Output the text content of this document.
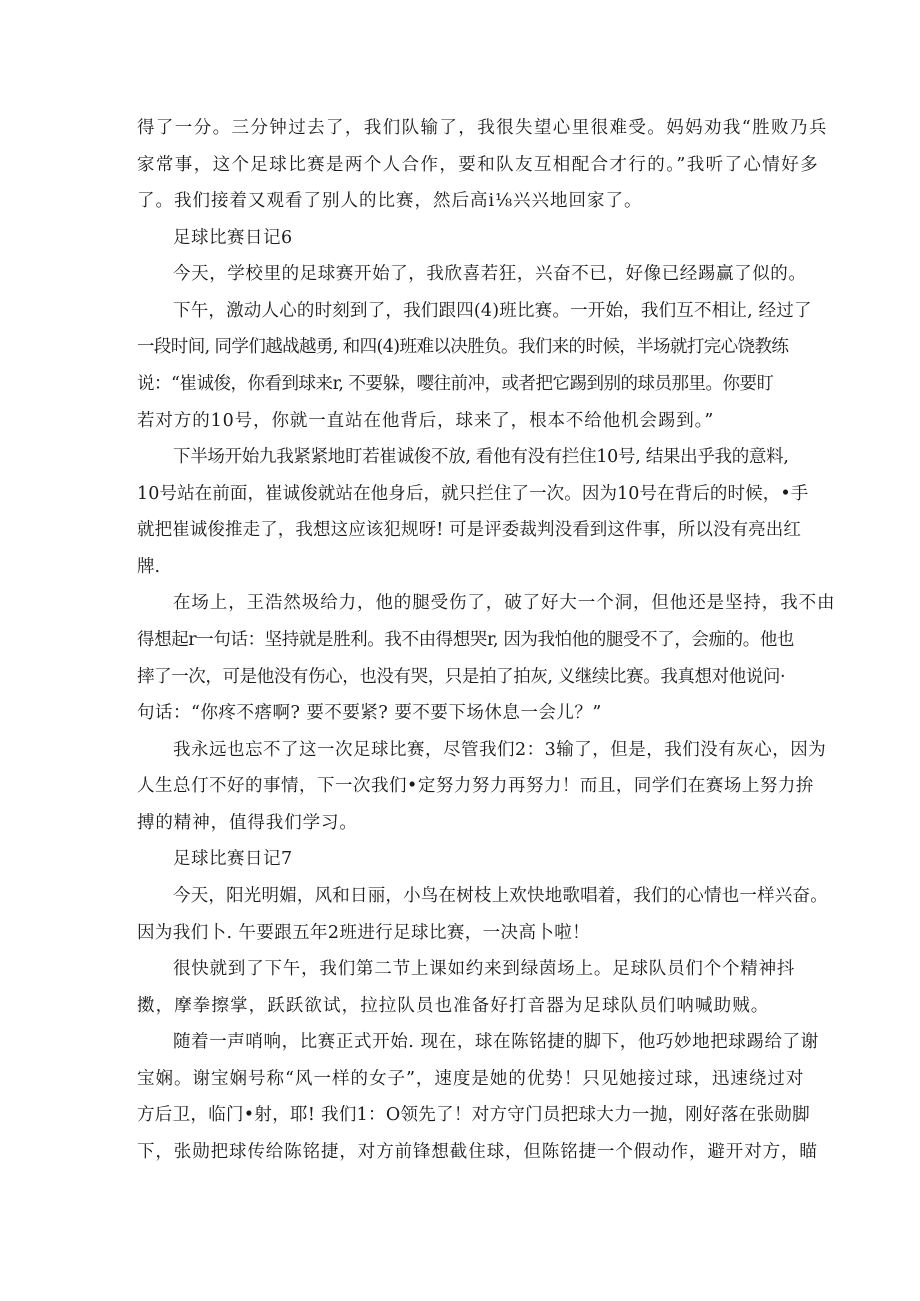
得了一分。三分钟过去了，我们队输了，我很失望心里很难受。妈妈劝我“胜败乃兵

家常事，这个足球比赛是两个人合作，要和队友互相配合才行的。”我听了心情好多

了。我们接着又观看了别人的比赛，然后高i⅛兴兴地回家了。

足球比赛日记6

今天，学校里的足球赛开始了，我欣喜若狂，兴奋不已，好像已经踢赢了似的。

下午，激动人心的时刻到了，我们跟四(4)班比赛。一开始，我们互不相让, 经过了

一段时间, 同学们越战越勇, 和四(4)班难以决胜负。我们来的时候，半场就打完心饶教练

说：“崔诚俊，你看到球来r, 不要躲，嘤往前冲，或者把它踢到别的球员那里。你要盯

若对方的10号，你就一直站在他背后，球来了，根本不给他机会踢到。”

下半场开始九我紧紧地盯若崔诚俊不放, 看他有没有拦住10号, 结果出乎我的意料,

10号站在前面，崔诚俊就站在他身后，就只拦住了一次。因为10号在背后的时候，•手

就把崔诚俊推走了，我想这应该犯规呀! 可是评委裁判没看到这件事，所以没有亮出红

牌.

在场上，王浩然圾给力，他的腿受伤了，破了好大一个洞，但他还是坚持，我不由

得想起r一句话：坚持就是胜利。我不由得想哭r, 因为我怕他的腿受不了，会痂的。他也

摔了一次，可是他没有伤心，也没有哭，只是拍了拍灰, 义继续比赛。我真想对他说问·

句话：“你疼不瘩啊? 要不要紧? 要不要下场休息一会儿？”

我永远也忘不了这一次足球比赛，尽管我们2：3输了，但是，我们没有灰心，因为

人生总仃不好的事情，下一次我们•定努力努力再努力！而且，同学们在赛场上努力拚

搏的精神，值得我们学习。

足球比赛日记7

今天，阳光明媚，风和日丽，小鸟在树枝上欢快地歌唱着，我们的心情也一样兴奋。

因为我们卜. 午要跟五年2班进行足球比赛，一决高卜啦！

很快就到了下午，我们第二节上课如约来到绿茵场上。足球队员们个个精神抖

擞，摩拳擦掌，跃跃欲试，拉拉队员也准备好打音器为足球队员们呐喊助贼。

随着一声哨响，比赛正式开始. 现在，球在陈铭捷的脚下，他巧妙地把球踢给了谢

宝娴。谢宝娴号称“风一样的女子”，速度是她的优势！只见她接过球，迅速绕过对

方后卫，临门•射，耶! 我们1：O领先了！对方守门员把球大力一抛，刚好落在张勋脚

下，张勋把球传给陈铭捷，对方前锋想截住球，但陈铭捷一个假动作，避开对方，瞄
